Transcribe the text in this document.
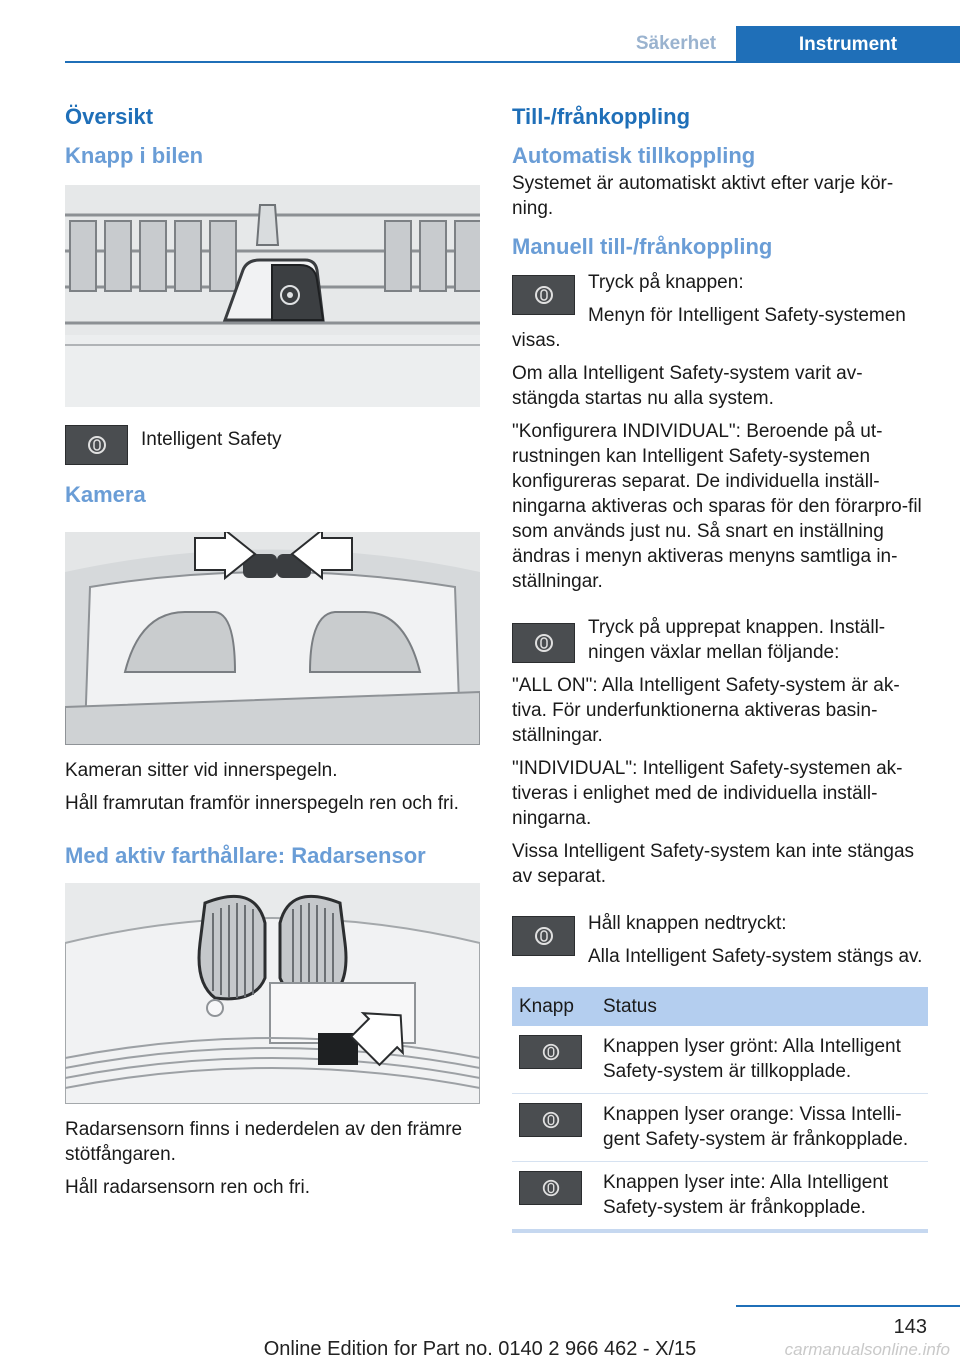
Säkerhet	Instrument
Översikt
Knapp i bilen

Intelligent Safety

Kamera

Kameran sitter vid innerspegeln.

Håll framrutan framför innerspegeln ren och fri.

Med aktiv farthållare: Radarsensor

Radarsensorn finns i nederdelen av den främre stötfångaren.

Håll radarsensorn ren och fri.

Till-/frånkoppling
Automatisk tillkoppling

Systemet är automatiskt aktivt efter varje kör-ning.

Manuell till-/frånkoppling

Tryck på knappen:

Menyn för Intelligent Safety-systemen visas.

Om alla Intelligent Safety-system varit av-stängda startas nu alla system.

"Konfigurera INDIVIDUAL": Beroende på ut-rustningen kan Intelligent Safety-systemen konfigureras separat. De individuella inställ-ningarna aktiveras och sparas för den förarpro-fil som används just nu. Så snart en inställning ändras i menyn aktiveras menyns samtliga in-ställningar.

Tryck på upprepat knappen. Inställ-ningen växlar mellan följande:

"ALL ON": Alla Intelligent Safety-system är ak-tiva. För underfunktionerna aktiveras basin-ställningar.

"INDIVIDUAL": Intelligent Safety-systemen ak-tiveras i enlighet med de individuella inställ-ningarna.

Vissa Intelligent Safety-system kan inte stängas av separat.

Håll knappen nedtryckt:

Alla Intelligent Safety-system stängs av.

Knapp	Status

	Knappen lyser grönt: Alla Intelligent Safety-system är tillkopplade.

	Knappen lyser orange: Vissa Intelli-gent Safety-system är frånkopplade.

	Knappen lyser inte: Alla Intelligent Safety-system är frånkopplade.
143
Online Edition for Part no. 0140 2 966 462 - X/15	carmanualsonline.info
